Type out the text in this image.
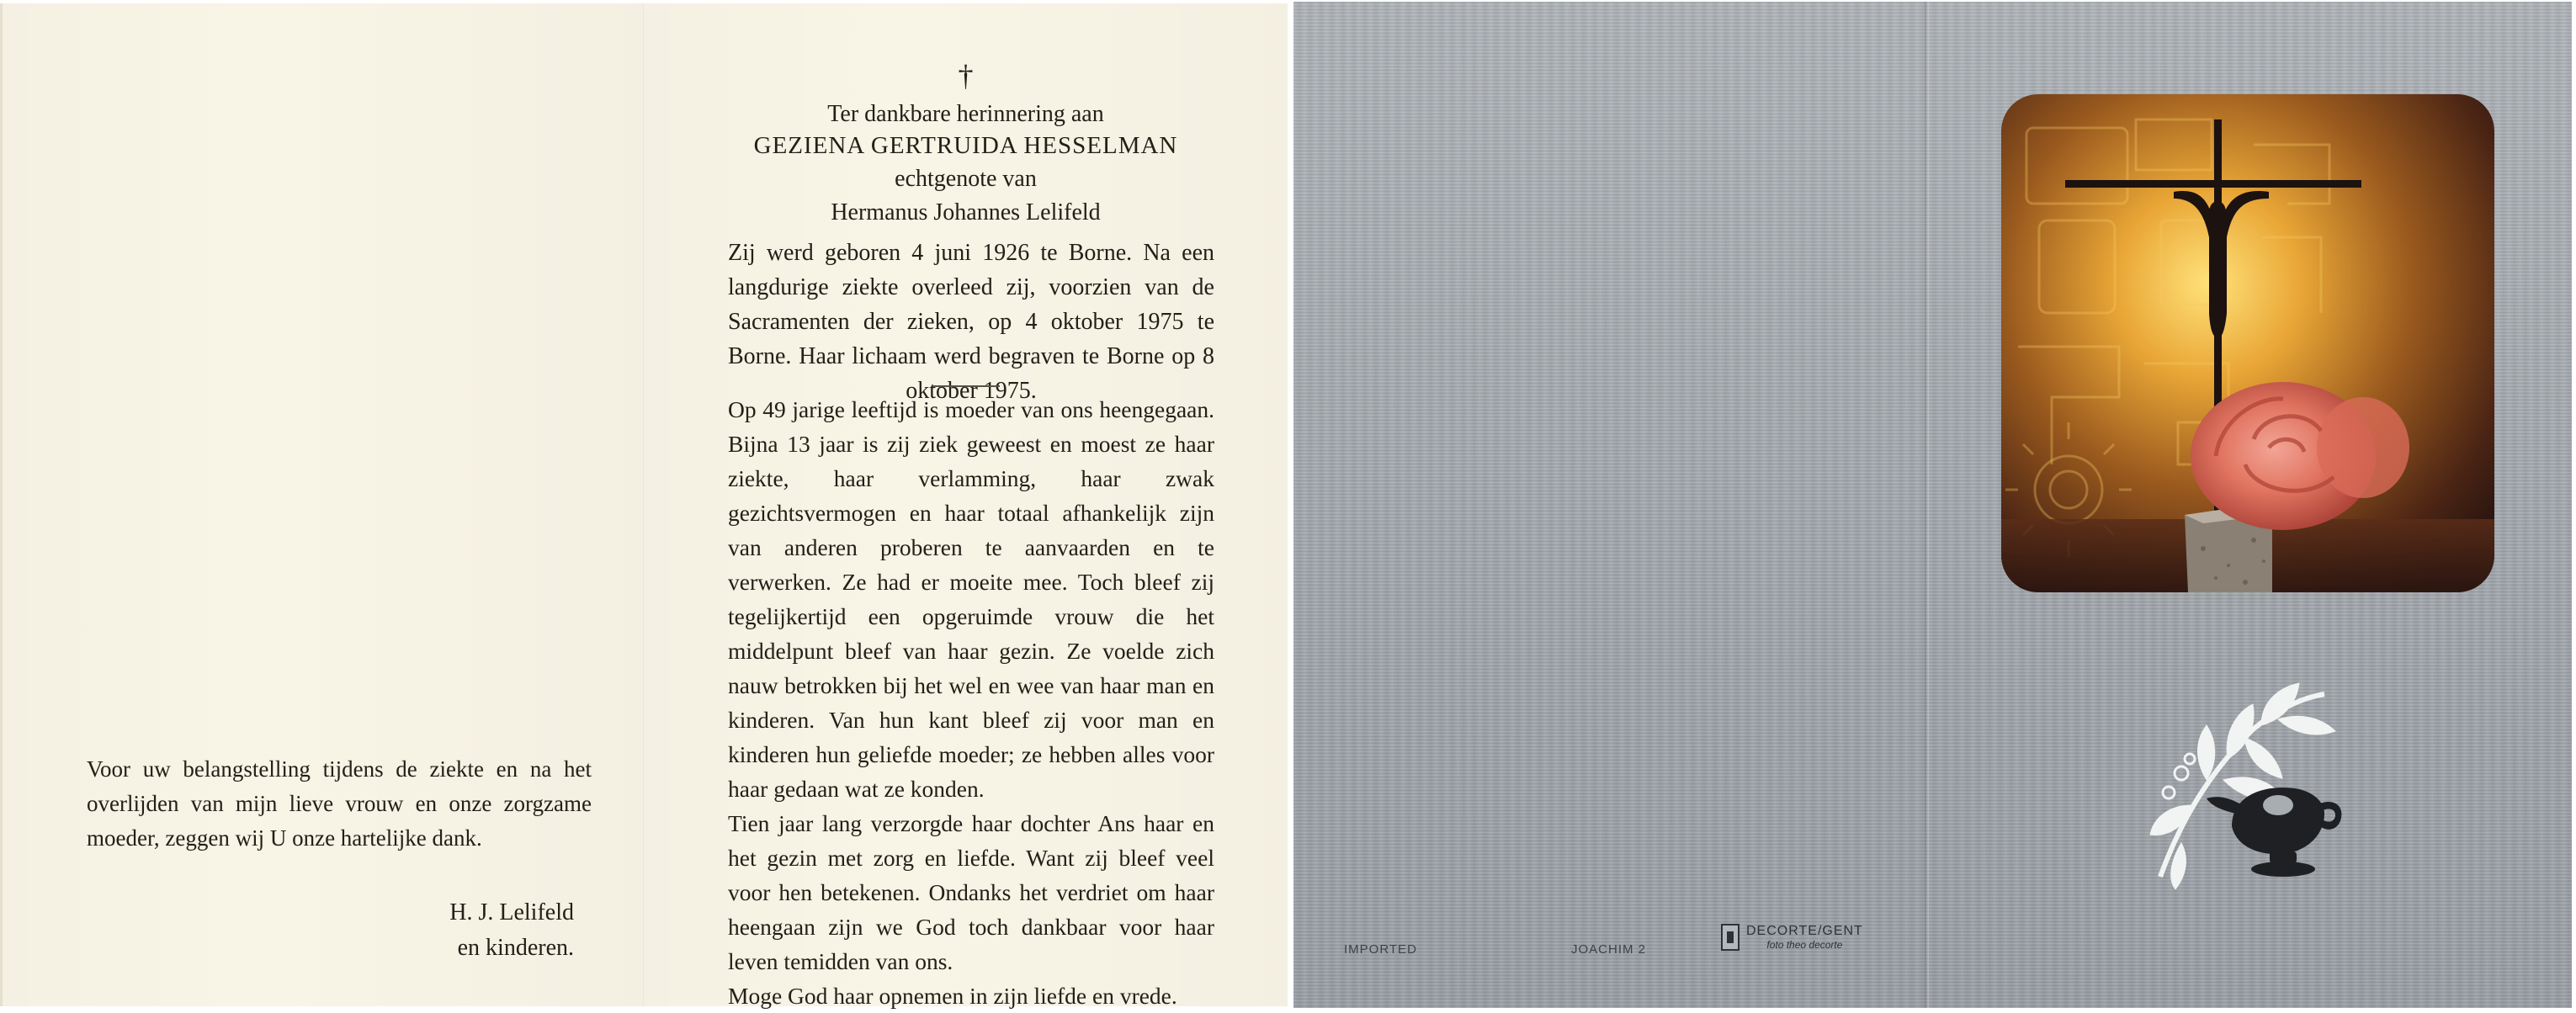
Voor uw belangstelling tijdens de ziekte en na het overlijden van mijn lieve vrouw en onze zorgzame moeder, zeggen wij U onze hartelijke dank.

H. J. Lelifeld
en kinderen.
†
Ter dankbare herinnering aan
GEZIENA GERTRUIDA HESSELMAN
echtgenote van
Hermanus Johannes Lelifeld

Zij werd geboren 4 juni 1926 te Borne. Na een langdurige ziekte overleed zij, voorzien van de Sacramenten der zieken, op 4 oktober 1975 te Borne. Haar lichaam werd begraven te Borne op 8 oktober 1975.

Op 49 jarige leeftijd is moeder van ons heengegaan. Bijna 13 jaar is zij ziek geweest en moest ze haar ziekte, haar verlamming, haar zwak gezichtsvermogen en haar totaal afhankelijk zijn van anderen proberen te aanvaarden en te verwerken. Ze had er moeite mee. Toch bleef zij tegelijkertijd een opgeruimde vrouw die het middelpunt bleef van haar gezin. Ze voelde zich nauw betrokken bij het wel en wee van haar man en kinderen. Van hun kant bleef zij voor man en kinderen hun geliefde moeder; ze hebben alles voor haar gedaan wat ze konden.

Tien jaar lang verzorgde haar dochter Ans haar en het gezin met zorg en liefde. Want zij bleef veel voor hen betekenen. Ondanks het verdriet om haar heengaan zijn we God toch dankbaar voor haar leven temidden van ons.

Moge God haar opnemen in zijn liefde en vrede.

IMPORTED	JOACHIM 2
DECORTE/GENT
foto theo decorte
